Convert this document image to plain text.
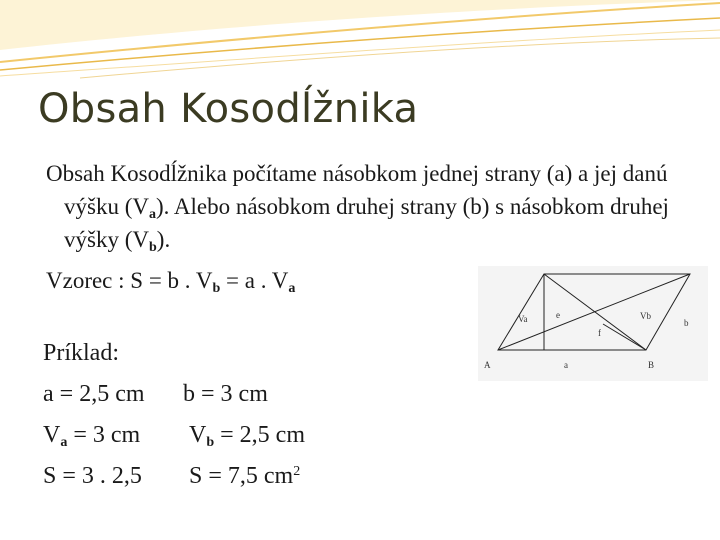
Obsah Kosodĺžnika
Obsah Kosodĺžnika počítame násobkom jednej strany (a) a jej danú výšku $(V_a)$. Alebo násobkom druhej strany (b) s násobkom druhej výšky $(V_b)$.
Vzorec : S = b . $V_b = a$ . $V_a$
Príklad:
a = 2,5 cm	b = 3 cm
$V_a = 3$ cm	$V_b = 2,5$ cm
S = 3 . 2,5	S = 7,5 $cm^2$
A	a	B
b
Va	Vb
e
f
